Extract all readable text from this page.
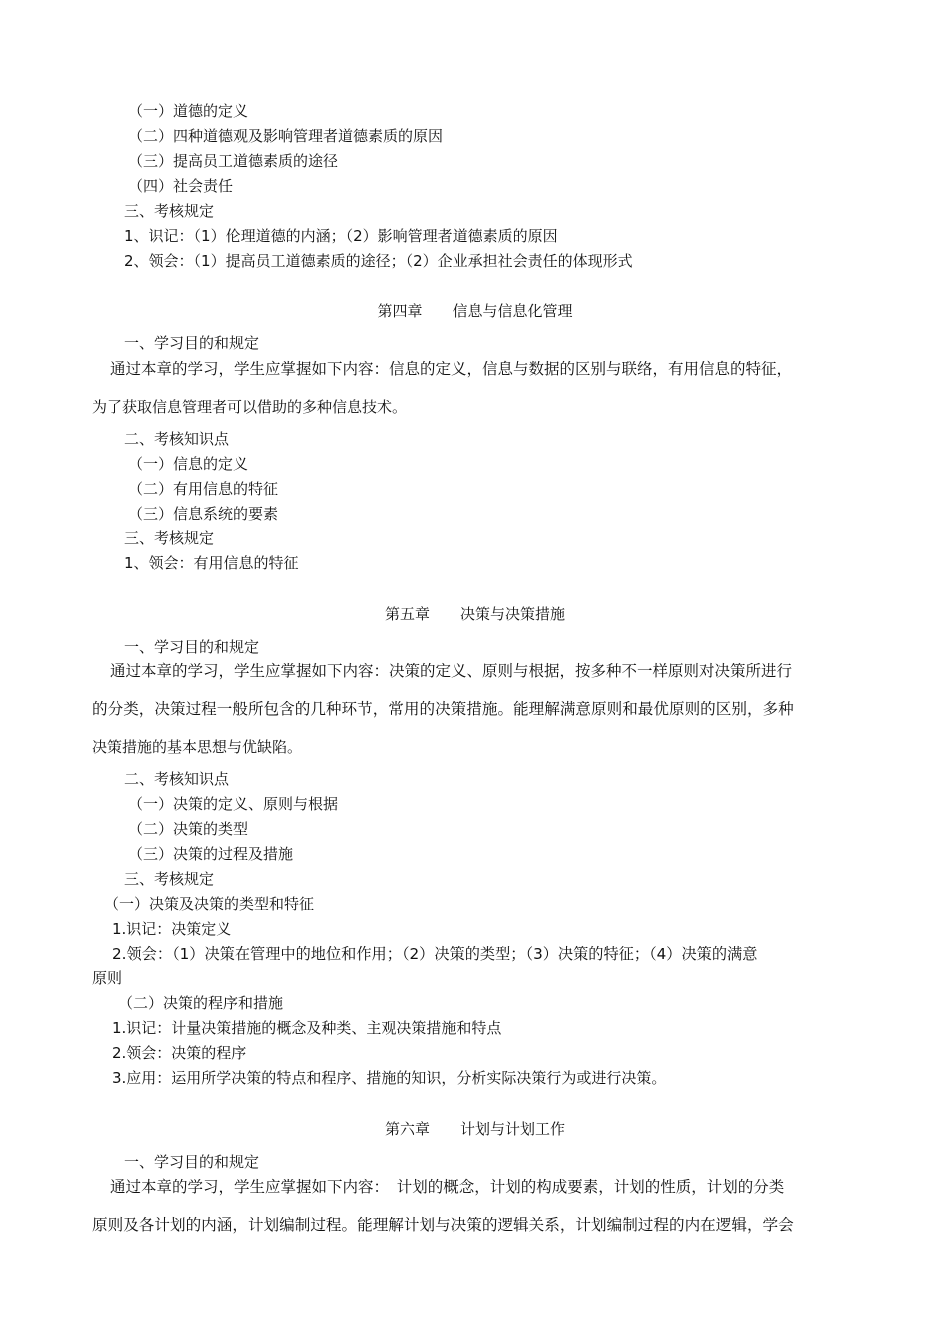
（一）道德的定义
（二）四种道德观及影响管理者道德素质的原因
（三）提高员工道德素质的途径
（四）社会责任
三、考核规定
1、识记：（1）伦理道德的内涵；（2）影响管理者道德素质的原因
2、领会：（1）提高员工道德素质的途径；（2）企业承担社会责任的体现形式
第四章　　信息与信息化管理
一、学习目的和规定
通过本章的学习，学生应掌握如下内容：信息的定义，信息与数据的区别与联络，有用信息的特征，
为了获取信息管理者可以借助的多种信息技术。
二、考核知识点
（一）信息的定义
（二）有用信息的特征
（三）信息系统的要素
三、考核规定
1、领会：有用信息的特征
第五章　　决策与决策措施
一、学习目的和规定
通过本章的学习，学生应掌握如下内容：决策的定义、原则与根据，按多种不一样原则对决策所进行
的分类，决策过程一般所包含的几种环节，常用的决策措施。能理解满意原则和最优原则的区别，多种
决策措施的基本思想与优缺陷。
二、考核知识点
（一）决策的定义、原则与根据
（二）决策的类型
（三）决策的过程及措施
三、考核规定
（一）决策及决策的类型和特征
1.识记：决策定义
2.领会：（1）决策在管理中的地位和作用；（2）决策的类型；（3）决策的特征；（4）决策的满意
原则
（二）决策的程序和措施
1.识记：计量决策措施的概念及种类、主观决策措施和特点
2.领会：决策的程序
3.应用：运用所学决策的特点和程序、措施的知识，分析实际决策行为或进行决策。
第六章　　计划与计划工作
一、学习目的和规定
通过本章的学习，学生应掌握如下内容：　计划的概念，计划的构成要素，计划的性质，计划的分类
原则及各计划的内涵，计划编制过程。能理解计划与决策的逻辑关系，计划编制过程的内在逻辑，学会
